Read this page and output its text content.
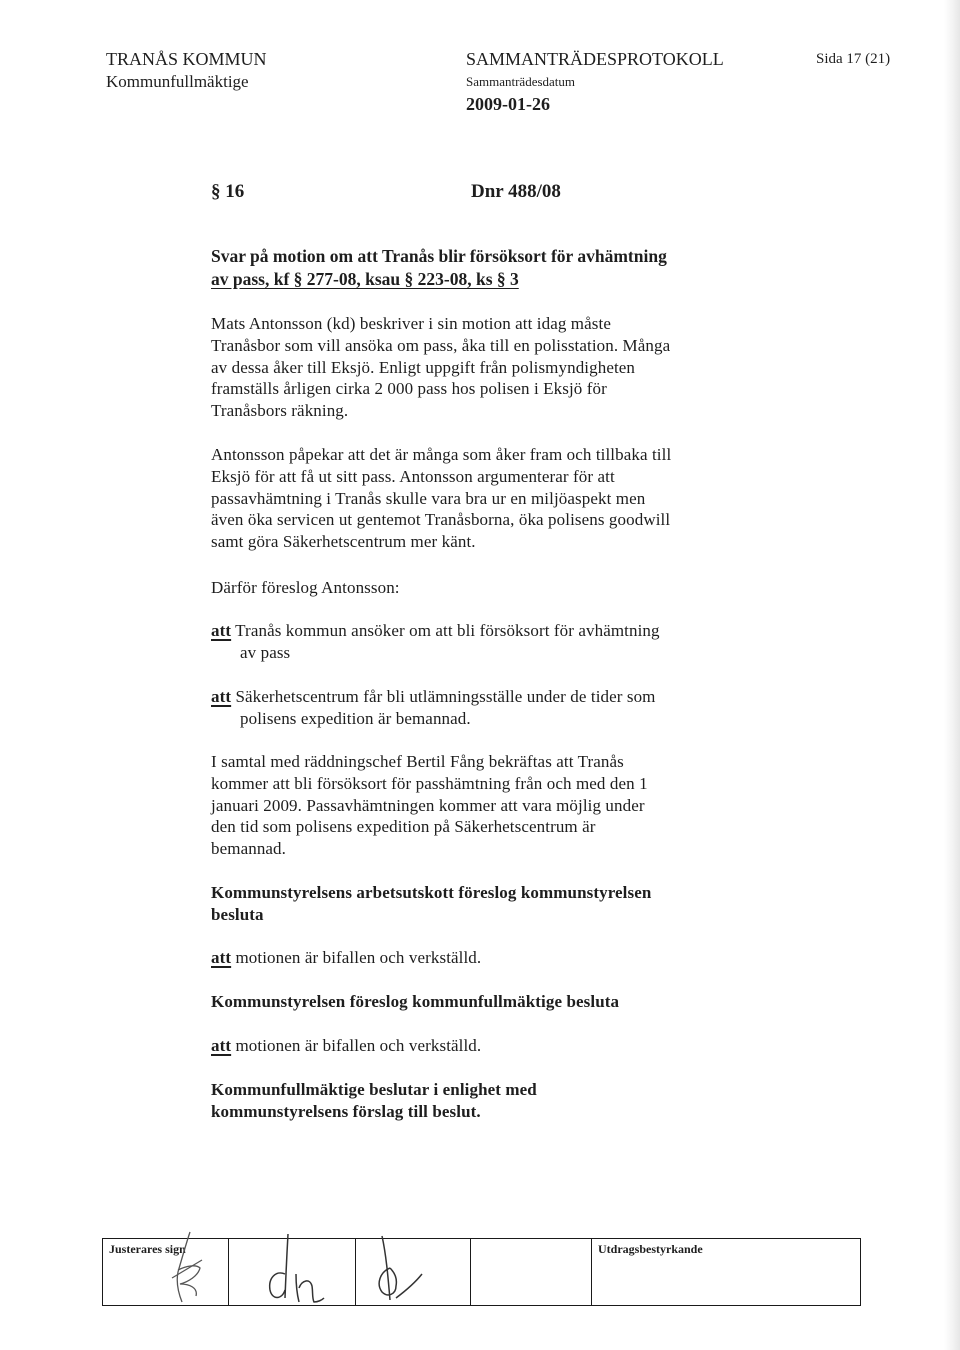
TRANÅS KOMMUN
Kommunfullmäktige
SAMMANTRÄDESPROTOKOLL
Sammanträdesdatum
2009-01-26
Sida 17 (21)
§ 16	Dnr 488/08
Svar på motion om att Tranås blir försöksort för avhämtning
av pass, kf § 277-08, ksau § 223-08, ks § 3
Mats Antonsson (kd) beskriver i sin motion att idag måste
Tranåsbor som vill ansöka om pass, åka till en polisstation. Många
av dessa åker till Eksjö. Enligt uppgift från polismyndigheten
framställs årligen cirka 2 000 pass hos polisen i Eksjö för
Tranåsbors räkning.
Antonsson påpekar att det är många som åker fram och tillbaka till
Eksjö för att få ut sitt pass. Antonsson argumenterar för att
passavhämtning i Tranås skulle vara bra ur en miljöaspekt men
även öka servicen ut gentemot Tranåsborna, öka polisens goodwill
samt göra Säkerhetscentrum mer känt.
Därför föreslog Antonsson:
att Tranås kommun ansöker om att bli försöksort för avhämtning
av pass
att Säkerhetscentrum får bli utlämningsställe under de tider som
polisens expedition är bemannad.
I samtal med räddningschef Bertil Fång bekräftas att Tranås
kommer att bli försöksort för passhämtning från och med den 1
januari 2009. Passavhämtningen kommer att vara möjlig under
den tid som polisens expedition på Säkerhetscentrum är
bemannad.
Kommunstyrelsens arbetsutskott föreslog kommunstyrelsen
besluta
att motionen är bifallen och verkställd.
Kommunstyrelsen föreslog kommunfullmäktige besluta
att motionen är bifallen och verkställd.
Kommunfullmäktige beslutar i enlighet med
kommunstyrelsens förslag till beslut.
Justerares sign				Utdragsbestyrkande
